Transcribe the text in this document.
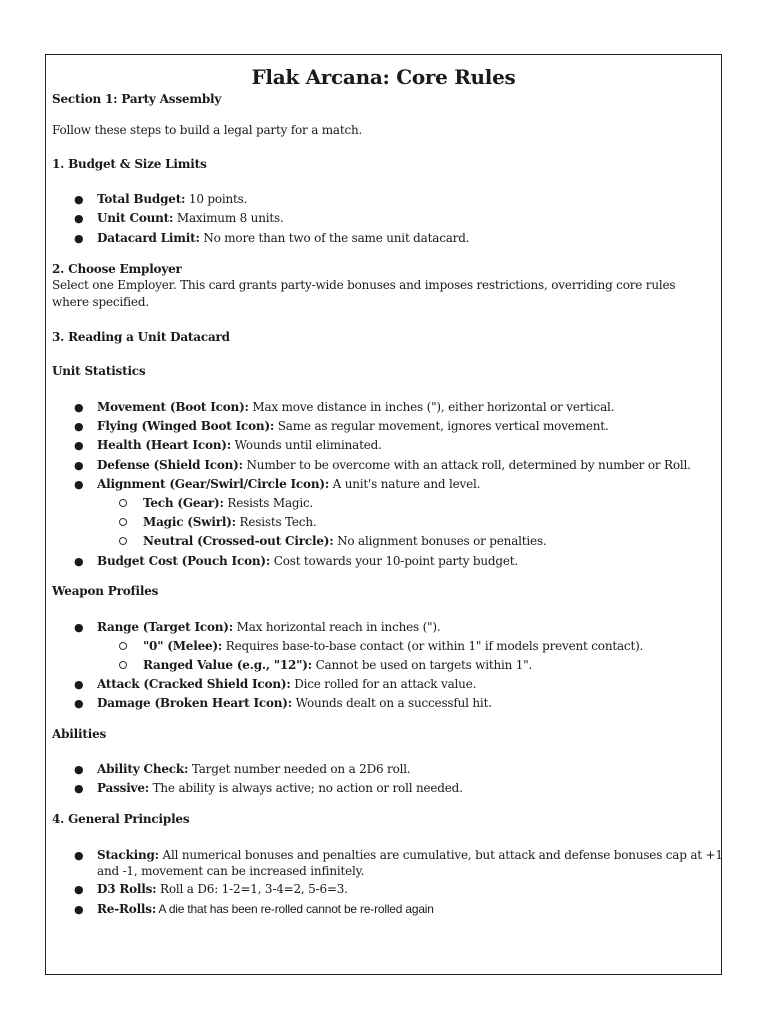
Flak Arcana: Core Rules
Section 1: Party Assembly
Follow these steps to build a legal party for a match.
1. Budget & Size Limits
● Total Budget: 10 points.
● Unit Count: Maximum 8 units.
● Datacard Limit: No more than two of the same unit datacard.
2. Choose Employer
Select one Employer. This card grants party-wide bonuses and imposes restrictions, overriding core rules where specified.
3. Reading a Unit Datacard
Unit Statistics
● Movement (Boot Icon): Max move distance in inches ("), either horizontal or vertical.
● Flying (Winged Boot Icon): Same as regular movement, ignores vertical movement.
● Health (Heart Icon): Wounds until eliminated.
● Defense (Shield Icon): Number to be overcome with an attack roll, determined by number or Roll.
● Alignment (Gear/Swirl/Circle Icon): A unit's nature and level.
Tech (Gear): Resists Magic.
Magic (Swirl): Resists Tech.
Neutral (Crossed-out Circle): No alignment bonuses or penalties.
● Budget Cost (Pouch Icon): Cost towards your 10-point party budget.
Weapon Profiles
● Range (Target Icon): Max horizontal reach in inches (").
"0" (Melee): Requires base-to-base contact (or within 1" if models prevent contact).
Ranged Value (e.g., "12"): Cannot be used on targets within 1".
● Attack (Cracked Shield Icon): Dice rolled for an attack value.
● Damage (Broken Heart Icon): Wounds dealt on a successful hit.
Abilities
● Ability Check: Target number needed on a 2D6 roll.
● Passive: The ability is always active; no action or roll needed.
4. General Principles
● Stacking: All numerical bonuses and penalties are cumulative, but attack and defense bonuses cap at +1
and -1, movement can be increased infinitely.
● D3 Rolls: Roll a D6: 1-2=1, 3-4=2, 5-6=3.
● Re-Rolls: A die that has been re-rolled cannot be re-rolled again
